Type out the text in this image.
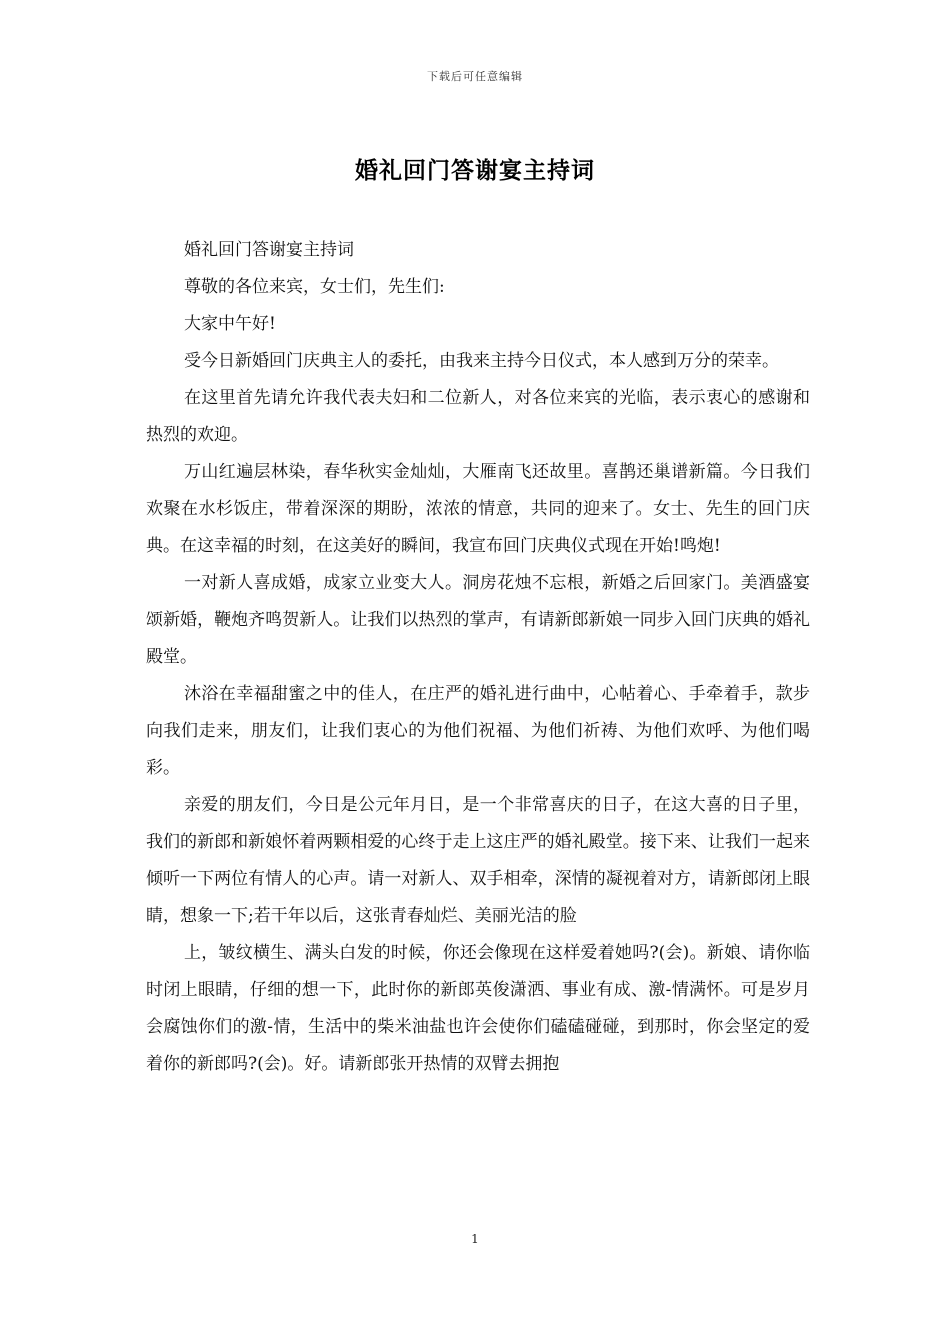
下载后可任意编辑
婚礼回门答谢宴主持词

婚礼回门答谢宴主持词

尊敬的各位来宾，女士们，先生们:

大家中午好!

受今日新婚回门庆典主人的委托，由我来主持今日仪式，本人感到万分的荣幸。

在这里首先请允许我代表夫妇和二位新人，对各位来宾的光临，表示衷心的感谢和热烈的欢迎。

万山红遍层林染，春华秋实金灿灿，大雁南飞还故里。喜鹊还巢谱新篇。今日我们欢聚在水杉饭庄，带着深深的期盼，浓浓的情意，共同的迎来了。女士、先生的回门庆典。在这幸福的时刻，在这美好的瞬间，我宣布回门庆典仪式现在开始!鸣炮!

一对新人喜成婚，成家立业变大人。洞房花烛不忘根，新婚之后回家门。美酒盛宴颂新婚，鞭炮齐鸣贺新人。让我们以热烈的掌声，有请新郎新娘一同步入回门庆典的婚礼殿堂。

沐浴在幸福甜蜜之中的佳人，在庄严的婚礼进行曲中，心帖着心、手牵着手，款步向我们走来，朋友们，让我们衷心的为他们祝福、为他们祈祷、为他们欢呼、为他们喝彩。

亲爱的朋友们，今日是公元年月日，是一个非常喜庆的日子，在这大喜的日子里，我们的新郎和新娘怀着两颗相爱的心终于走上这庄严的婚礼殿堂。接下来、让我们一起来倾听一下两位有情人的心声。请一对新人、双手相牵，深情的凝视着对方，请新郎闭上眼睛，想象一下;若干年以后，这张青春灿烂、美丽光洁的脸

上，皱纹横生、满头白发的时候，你还会像现在这样爱着她吗?(会)。新娘、请你临时闭上眼睛，仔细的想一下，此时你的新郎英俊潇洒、事业有成、激-情满怀。可是岁月会腐蚀你们的激-情，生活中的柴米油盐也许会使你们磕磕碰碰，到那时，你会坚定的爱着你的新郎吗?(会)。好。请新郎张开热情的双臂去拥抱

1
